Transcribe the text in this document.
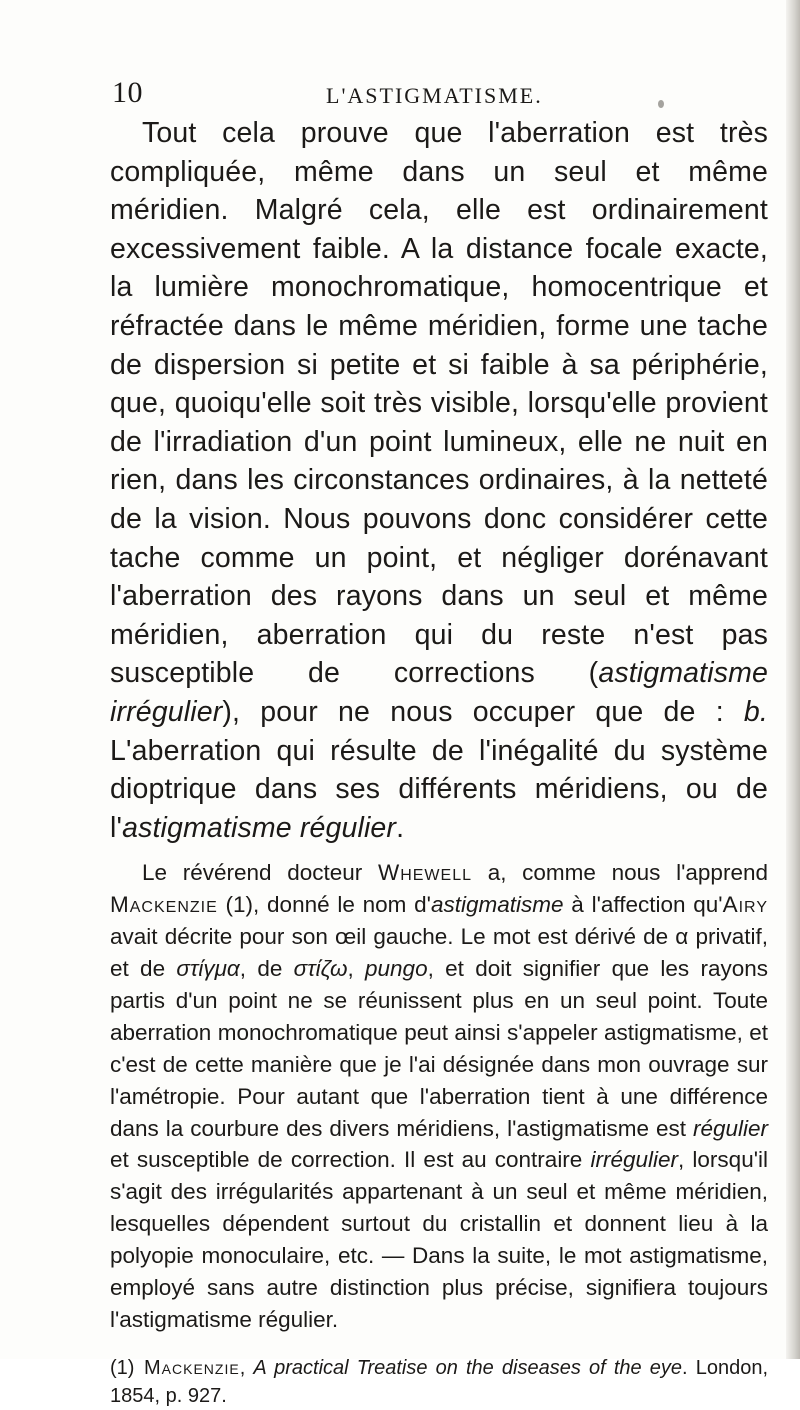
10	L'ASTIGMATISME.

Tout cela prouve que l'aberration est très compliquée, même dans un seul et même méridien. Malgré cela, elle est ordinairement excessivement faible. A la distance focale exacte, la lumière monochromatique, homocentrique et réfractée dans le même méridien, forme une tache de dispersion si petite et si faible à sa périphérie, que, quoiqu'elle soit très visible, lorsqu'elle provient de l'irradiation d'un point lumineux, elle ne nuit en rien, dans les circonstances ordinaires, à la netteté de la vision. Nous pouvons donc considérer cette tache comme un point, et négliger dorénavant l'aberration des rayons dans un seul et même méridien, aberration qui du reste n'est pas susceptible de corrections (astigmatisme irrégulier), pour ne nous occuper que de : b. L'aberration qui résulte de l'inégalité du système dioptrique dans ses différents méridiens, ou de l'astigmatisme régulier.

Le révérend docteur Whewell a, comme nous l'apprend Mackenzie (1), donné le nom d'astigmatisme à l'affection qu'Airy avait décrite pour son œil gauche. Le mot est dérivé de α privatif, et de στίγμα, de στίζω, pungo, et doit signifier que les rayons partis d'un point ne se réunissent plus en un seul point. Toute aberration monochromatique peut ainsi s'appeler astigmatisme, et c'est de cette manière que je l'ai désignée dans mon ouvrage sur l'amétropie. Pour autant que l'aberration tient à une différence dans la courbure des divers méridiens, l'astigmatisme est régulier et susceptible de correction. Il est au contraire irrégulier, lorsqu'il s'agit des irrégularités appartenant à un seul et même méridien, lesquelles dépendent surtout du cristallin et donnent lieu à la polyopie monoculaire, etc. — Dans la suite, le mot astigmatisme, employé sans autre distinction plus précise, signifiera toujours l'astigmatisme régulier.

(1) Mackenzie, A practical Treatise on the diseases of the eye. London, 1854, p. 927.
